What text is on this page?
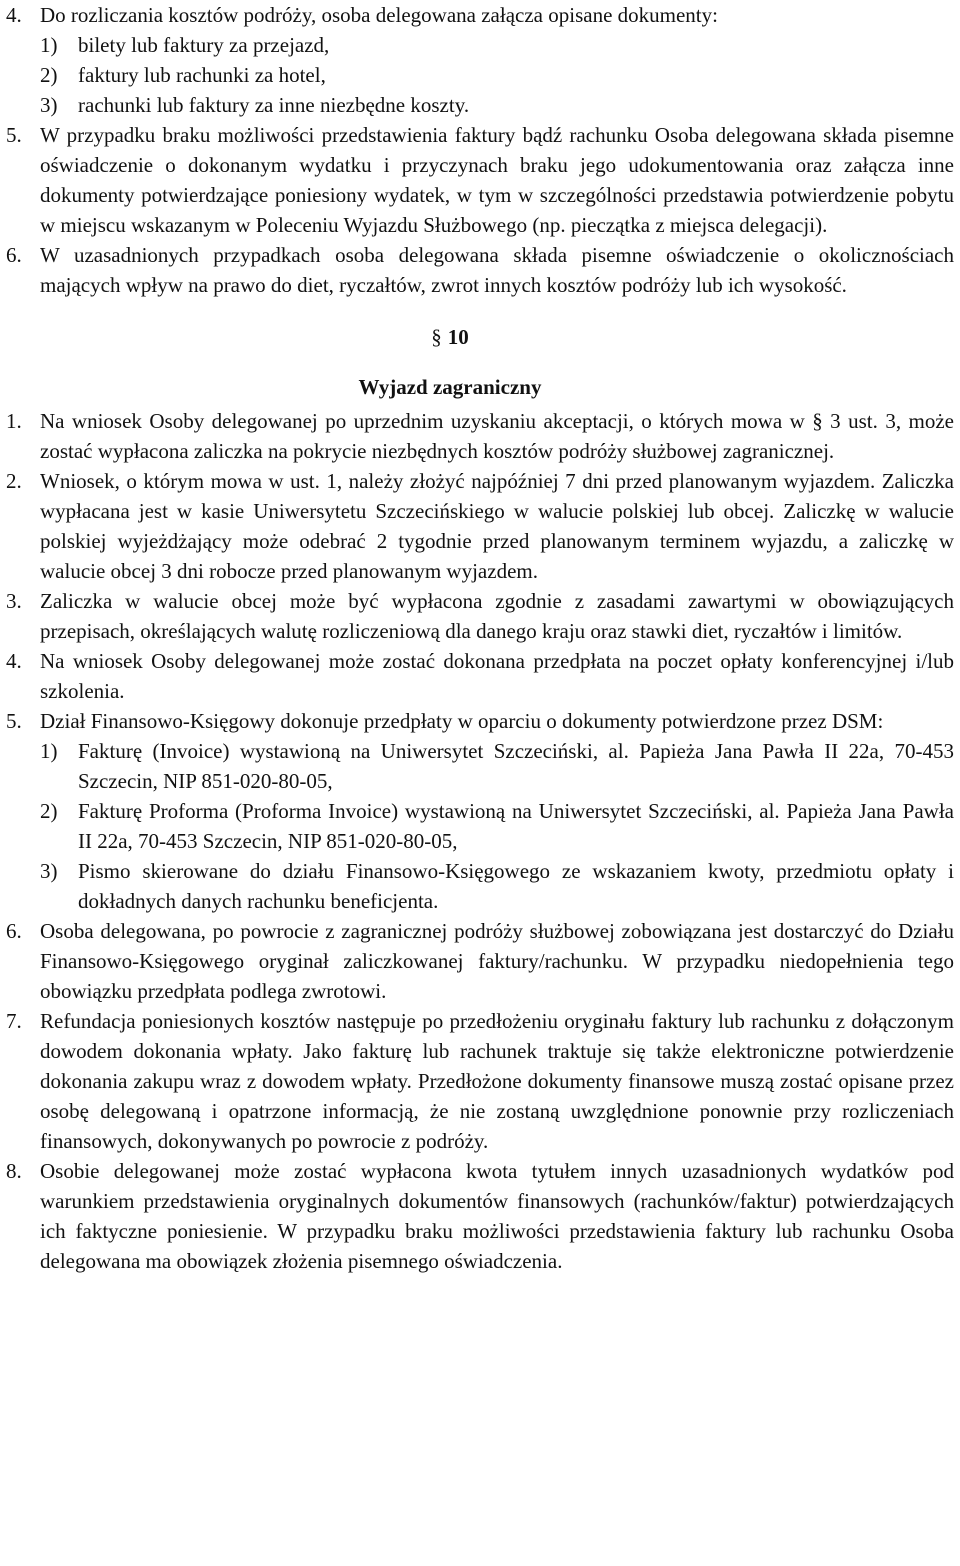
4. Do rozliczania kosztów podróży, osoba delegowana załącza opisane dokumenty:
1) bilety lub faktury za przejazd,
2) faktury lub rachunki za hotel,
3) rachunki lub faktury za inne niezbędne koszty.
5. W przypadku braku możliwości przedstawienia faktury bądź rachunku Osoba delegowana składa pisemne oświadczenie o dokonanym wydatku i przyczynach braku jego udokumentowania oraz załącza inne dokumenty potwierdzające poniesiony wydatek, w tym w szczególności przedstawia potwierdzenie pobytu w miejscu wskazanym w Poleceniu Wyjazdu Służbowego (np. pieczątka z miejsca delegacji).
6. W uzasadnionych przypadkach osoba delegowana składa pisemne oświadczenie o okolicznościach mających wpływ na prawo do diet, ryczałtów, zwrot innych kosztów podróży lub ich wysokość.
§ 10
Wyjazd zagraniczny
1. Na wniosek Osoby delegowanej po uprzednim uzyskaniu akceptacji, o których mowa w § 3 ust. 3, może zostać wypłacona zaliczka na pokrycie niezbędnych kosztów podróży służbowej zagranicznej.
2. Wniosek, o którym mowa w ust. 1, należy złożyć najpóźniej 7 dni przed planowanym wyjazdem. Zaliczka wypłacana jest w kasie Uniwersytetu Szczecińskiego w walucie polskiej lub obcej. Zaliczkę w walucie polskiej wyjeżdżający może odebrać 2 tygodnie przed planowanym terminem wyjazdu, a zaliczkę w walucie obcej 3 dni robocze przed planowanym wyjazdem.
3. Zaliczka w walucie obcej może być wypłacona zgodnie z zasadami zawartymi w obowiązujących przepisach, określających walutę rozliczeniową dla danego kraju oraz stawki diet, ryczałtów i limitów.
4. Na wniosek Osoby delegowanej może zostać dokonana przedpłata na poczet opłaty konferencyjnej i/lub szkolenia.
5. Dział Finansowo-Księgowy dokonuje przedpłaty w oparciu o dokumenty potwierdzone przez DSM:
1) Fakturę (Invoice) wystawioną na Uniwersytet Szczeciński, al. Papieża Jana Pawła II 22a, 70-453 Szczecin, NIP 851-020-80-05,
2) Fakturę Proforma (Proforma Invoice) wystawioną na Uniwersytet Szczeciński, al. Papieża Jana Pawła II 22a, 70-453 Szczecin, NIP 851-020-80-05,
3) Pismo skierowane do działu Finansowo-Księgowego ze wskazaniem kwoty, przedmiotu opłaty i dokładnych danych rachunku beneficjenta.
6. Osoba delegowana, po powrocie z zagranicznej podróży służbowej zobowiązana jest dostarczyć do Działu Finansowo-Księgowego oryginał zaliczkowanej faktury/rachunku. W przypadku niedopełnienia tego obowiązku przedpłata podlega zwrotowi.
7. Refundacja poniesionych kosztów następuje po przedłożeniu oryginału faktury lub rachunku z dołączonym dowodem dokonania wpłaty. Jako fakturę lub rachunek traktuje się także elektroniczne potwierdzenie dokonania zakupu wraz z dowodem wpłaty. Przedłożone dokumenty finansowe muszą zostać opisane przez osobę delegowaną i opatrzone informacją, że nie zostaną uwzględnione ponownie przy rozliczeniach finansowych, dokonywanych po powrocie z podróży.
8. Osobie delegowanej może zostać wypłacona kwota tytułem innych uzasadnionych wydatków pod warunkiem przedstawienia oryginalnych dokumentów finansowych (rachunków/faktur) potwierdzających ich faktyczne poniesienie. W przypadku braku możliwości przedstawienia faktury lub rachunku Osoba delegowana ma obowiązek złożenia pisemnego oświadczenia.
